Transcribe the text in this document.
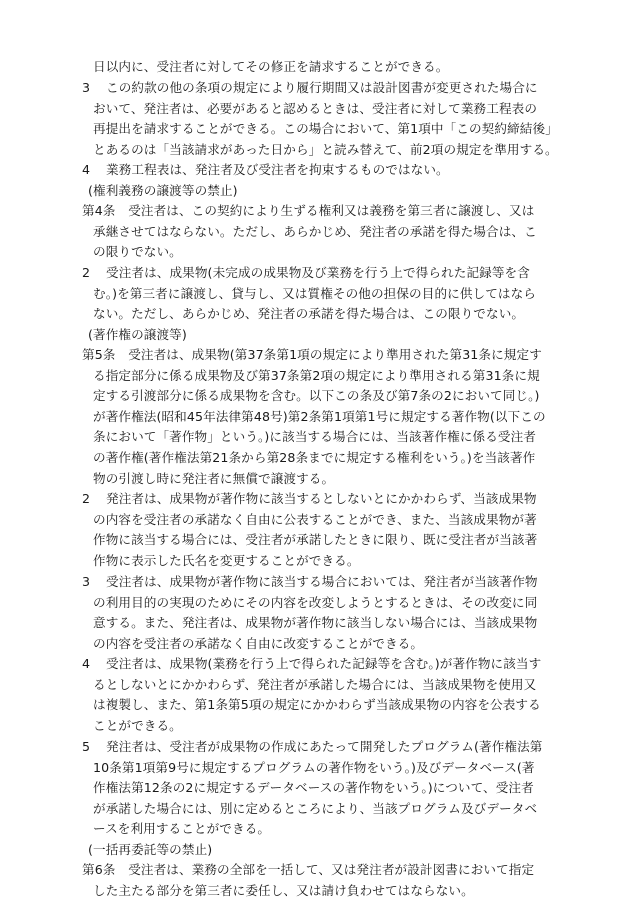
日以内に、受注者に対してその修正を請求することができる。
3	この約款の他の条項の規定により履行期間又は設計図書が変更された場合に
おいて、発注者は、必要があると認めるときは、受注者に対して業務工程表の
再提出を請求することができる。この場合において、第1項中「この契約締結後」
とあるのは「当該請求があった日から」と読み替えて、前2項の規定を準用する。
4	業務工程表は、発注者及び受注者を拘束するものではない。
(権利義務の譲渡等の禁止)
第4条　受注者は、この契約により生ずる権利又は義務を第三者に譲渡し、又は
承継させてはならない。ただし、あらかじめ、発注者の承諾を得た場合は、こ
の限りでない。
2	受注者は、成果物(未完成の成果物及び業務を行う上で得られた記録等を含
む。)を第三者に譲渡し、貸与し、又は質権その他の担保の目的に供してはなら
ない。ただし、あらかじめ、発注者の承諾を得た場合は、この限りでない。
(著作権の譲渡等)
第5条　受注者は、成果物(第37条第1項の規定により準用された第31条に規定す
る指定部分に係る成果物及び第37条第2項の規定により準用される第31条に規
定する引渡部分に係る成果物を含む。以下この条及び第7条の2において同じ。)
が著作権法(昭和45年法律第48号)第2条第1項第1号に規定する著作物(以下この
条において「著作物」という。)に該当する場合には、当該著作権に係る受注者
の著作権(著作権法第21条から第28条までに規定する権利をいう。)を当該著作
物の引渡し時に発注者に無償で譲渡する。
2	発注者は、成果物が著作物に該当するとしないとにかかわらず、当該成果物
の内容を受注者の承諾なく自由に公表することができ、また、当該成果物が著
作物に該当する場合には、受注者が承諾したときに限り、既に受注者が当該著
作物に表示した氏名を変更することができる。
3	受注者は、成果物が著作物に該当する場合においては、発注者が当該著作物
の利用目的の実現のためにその内容を改変しようとするときは、その改変に同
意する。また、発注者は、成果物が著作物に該当しない場合には、当該成果物
の内容を受注者の承諾なく自由に改変することができる。
4	受注者は、成果物(業務を行う上で得られた記録等を含む。)が著作物に該当す
るとしないとにかかわらず、発注者が承諾した場合には、当該成果物を使用又
は複製し、また、第1条第5項の規定にかかわらず当該成果物の内容を公表する
ことができる。
5	発注者は、受注者が成果物の作成にあたって開発したプログラム(著作権法第
10条第1項第9号に規定するプログラムの著作物をいう。)及びデータベース(著
作権法第12条の2に規定するデータベースの著作物をいう。)について、受注者
が承諾した場合には、別に定めるところにより、当該プログラム及びデータベ
ースを利用することができる。
(一括再委託等の禁止)
第6条　受注者は、業務の全部を一括して、又は発注者が設計図書において指定
した主たる部分を第三者に委任し、又は請け負わせてはならない。
